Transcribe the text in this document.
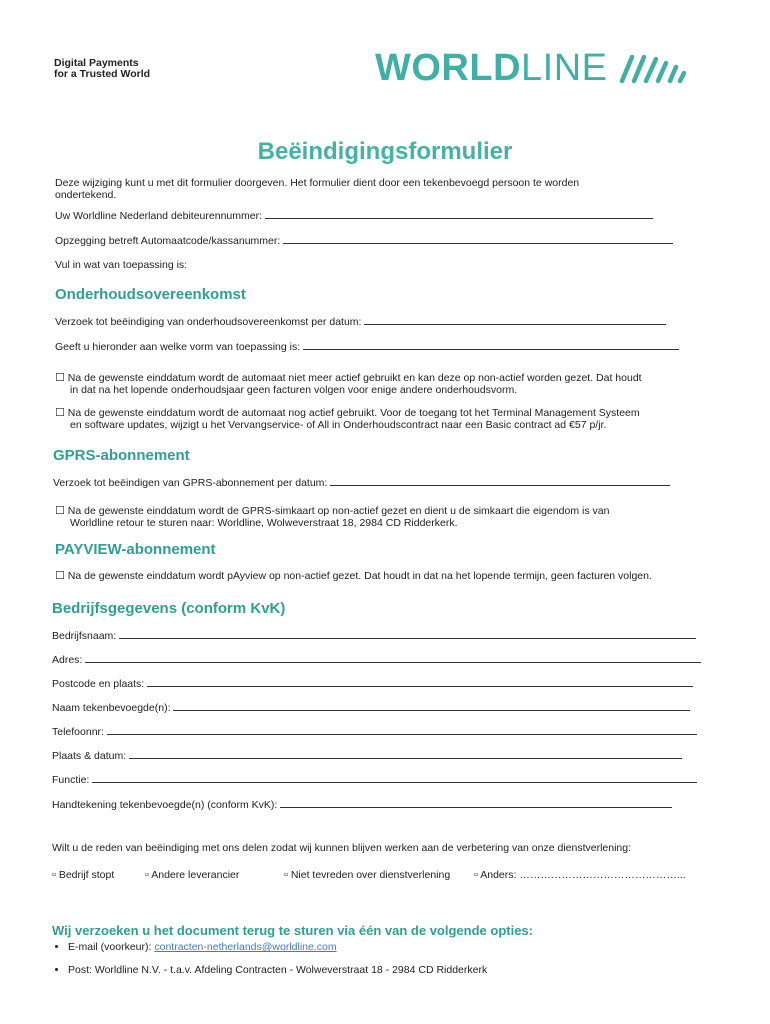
Digital Payments
for a Trusted World	WORLDLINE
Beëindigingsformulier
Deze wijziging kunt u met dit formulier doorgeven. Het formulier dient door een tekenbevoegd persoon te worden
ondertekend.
Uw Worldline Nederland debiteurennummer:
Opzegging betreft Automaatcode/kassanummer:
Vul in wat van toepassing is:
Onderhoudsovereenkomst
Verzoek tot beëindiging van onderhoudsovereenkomst per datum:
Geeft u hieronder aan welke vorm van toepassing is:
☐ Na de gewenste einddatum wordt de automaat niet meer actief gebruikt en kan deze op non-actief worden gezet. Dat houdt
in dat na het lopende onderhoudsjaar geen facturen volgen voor enige andere onderhoudsvorm.
☐ Na de gewenste einddatum wordt de automaat nog actief gebruikt. Voor de toegang tot het Terminal Management Systeem
en software updates, wijzigt u het Vervangservice- of All in Onderhoudscontract naar een Basic contract ad €57 p/jr.
GPRS-abonnement
Verzoek tot beëindigen van GPRS-abonnement per datum:
☐ Na de gewenste einddatum wordt de GPRS-simkaart op non-actief gezet en dient u de simkaart die eigendom is van
Worldline retour te sturen naar: Worldline, Wolweverstraat 18, 2984 CD Ridderkerk.
PAYVIEW-abonnement
☐ Na de gewenste einddatum wordt pAyview op non-actief gezet. Dat houdt in dat na het lopende termijn, geen facturen volgen.
Bedrijfsgegevens (conform KvK)
Bedrijfsnaam:
Adres:
Postcode en plaats:
Naam tekenbevoegde(n):
Telefoonnr:
Plaats & datum:
Functie:
Handtekening tekenbevoegde(n) (conform KvK):
Wilt u de reden van beëindiging met ons delen zodat wij kunnen blijven werken aan de verbetering van onze dienstverlening:
▫ Bedrijf stopt	▫ Andere leverancier	▫ Niet tevreden over dienstverlening ▫ Anders: ………………………………………...
Wij verzoeken u het document terug te sturen via één van de volgende opties:
• E-mail (voorkeur): contracten-netherlands@worldline.com
• Post: Worldline N.V. - t.a.v. Afdeling Contracten - Wolweverstraat 18 - 2984 CD Ridderkerk
